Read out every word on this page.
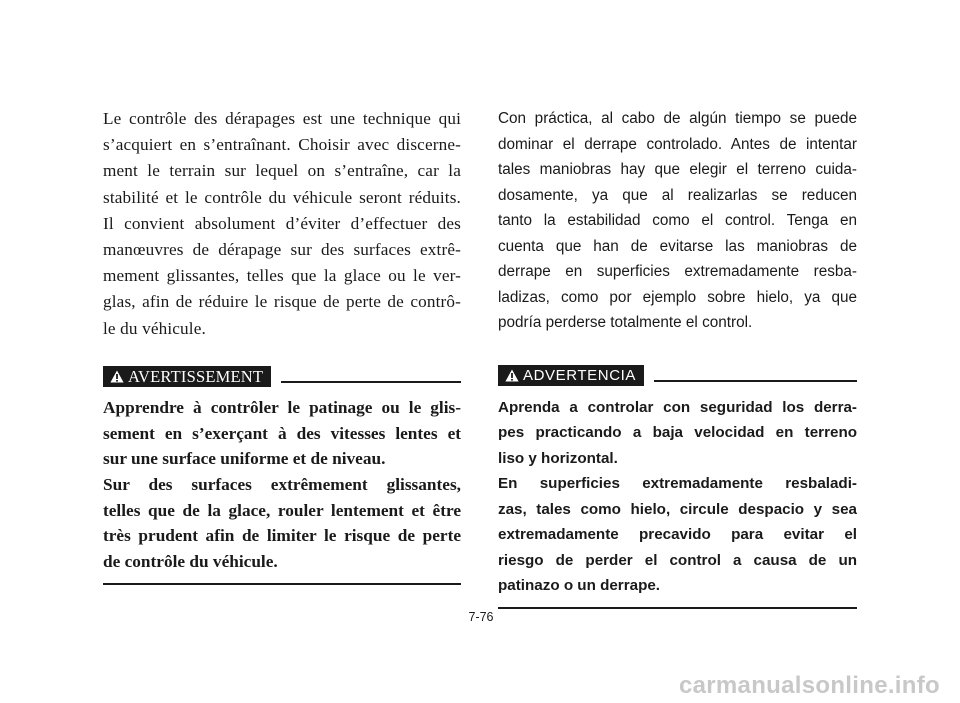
Le contrôle des dérapages est une technique qui
s’acquiert en s’entraînant. Choisir avec discerne-
ment le terrain sur lequel on s’entraîne, car la
stabilité et le contrôle du véhicule seront réduits.
Il convient absolument d’éviter d’effectuer des
manœuvres de dérapage sur des surfaces extrê-
mement glissantes, telles que la glace ou le ver-
glas, afin de réduire le risque de perte de contrô-
le du véhicule.

AVERTISSEMENT

Apprendre à contrôler le patinage ou le glis-
sement en s’exerçant à des vitesses lentes et
sur une surface uniforme et de niveau.
Sur des surfaces extrêmement glissantes,
telles que de la glace, rouler lentement et être
très prudent afin de limiter le risque de perte
de contrôle du véhicule.

Con práctica, al cabo de algún tiempo se puede
dominar el derrape controlado. Antes de intentar
tales maniobras hay que elegir el terreno cuida-
dosamente, ya que al realizarlas se reducen
tanto la estabilidad como el control. Tenga en
cuenta que han de evitarse las maniobras de
derrape en superficies extremadamente resba-
ladizas, como por ejemplo sobre hielo, ya que
podría perderse totalmente el control.

ADVERTENCIA

Aprenda a controlar con seguridad los derra-
pes practicando a baja velocidad en terreno
liso y horizontal.
En superficies extremadamente resbaladi-
zas, tales como hielo, circule despacio y sea
extremadamente precavido para evitar el
riesgo de perder el control a causa de un
patinazo o un derrape.

7-76
carmanualsonline.info
